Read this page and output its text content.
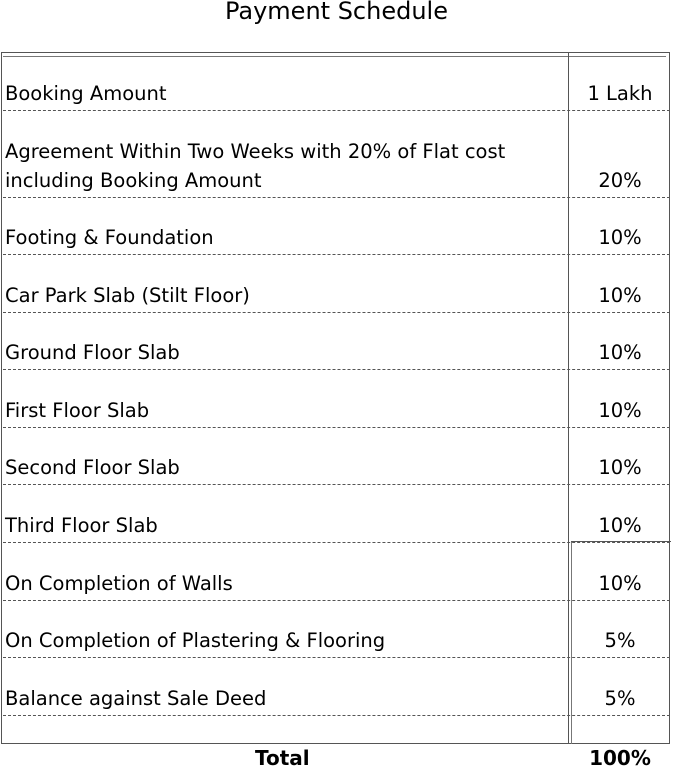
Payment Schedule
Booking Amount	1 Lakh
Agreement Within Two Weeks with 20% of Flat cost
including Booking Amount	20%
Footing & Foundation	10%
Car Park Slab (Stilt Floor)	10%
Ground Floor Slab	10%
First Floor Slab	10%
Second Floor Slab	10%
Third Floor Slab	10%
On Completion of Walls	10%
On Completion of Plastering & Flooring	5%
Balance against Sale Deed	5%
Total	100%
